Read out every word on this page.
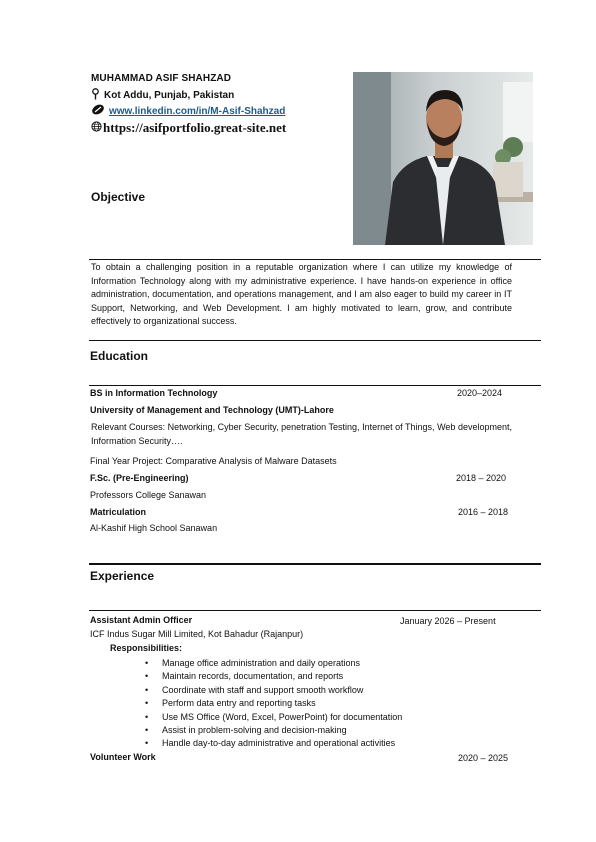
MUHAMMAD ASIF SHAHZAD
Kot Addu, Punjab, Pakistan
www.linkedin.com/in/M-Asif-Shahzad
https://asifportfolio.great-site.net
Objective
To obtain a challenging position in a reputable organization where I can utilize my knowledge of Information Technology along with my administrative experience. I have hands-on experience in office administration, documentation, and operations management, and I am also eager to build my career in IT Support, Networking, and Web Development. I am highly motivated to learn, grow, and contribute effectively to organizational success.
Education
BS in Information Technology	2020–2024
University of Management and Technology (UMT)-Lahore
Relevant Courses: Networking, Cyber Security, penetration Testing, Internet of Things, Web development, Information Security….
Final Year Project: Comparative Analysis of Malware Datasets
F.Sc. (Pre-Engineering)	2018 – 2020
Professors College Sanawan
Matriculation	2016 – 2018
Al-Kashif High School Sanawan
Experience
Assistant Admin Officer	January 2026 – Present
ICF Indus Sugar Mill Limited, Kot Bahadur (Rajanpur)
Responsibilities:
• Manage office administration and daily operations
• Maintain records, documentation, and reports
• Coordinate with staff and support smooth workflow
• Perform data entry and reporting tasks
• Use MS Office (Word, Excel, PowerPoint) for documentation
• Assist in problem-solving and decision-making
• Handle day-to-day administrative and operational activities
Volunteer Work	2020 – 2025
